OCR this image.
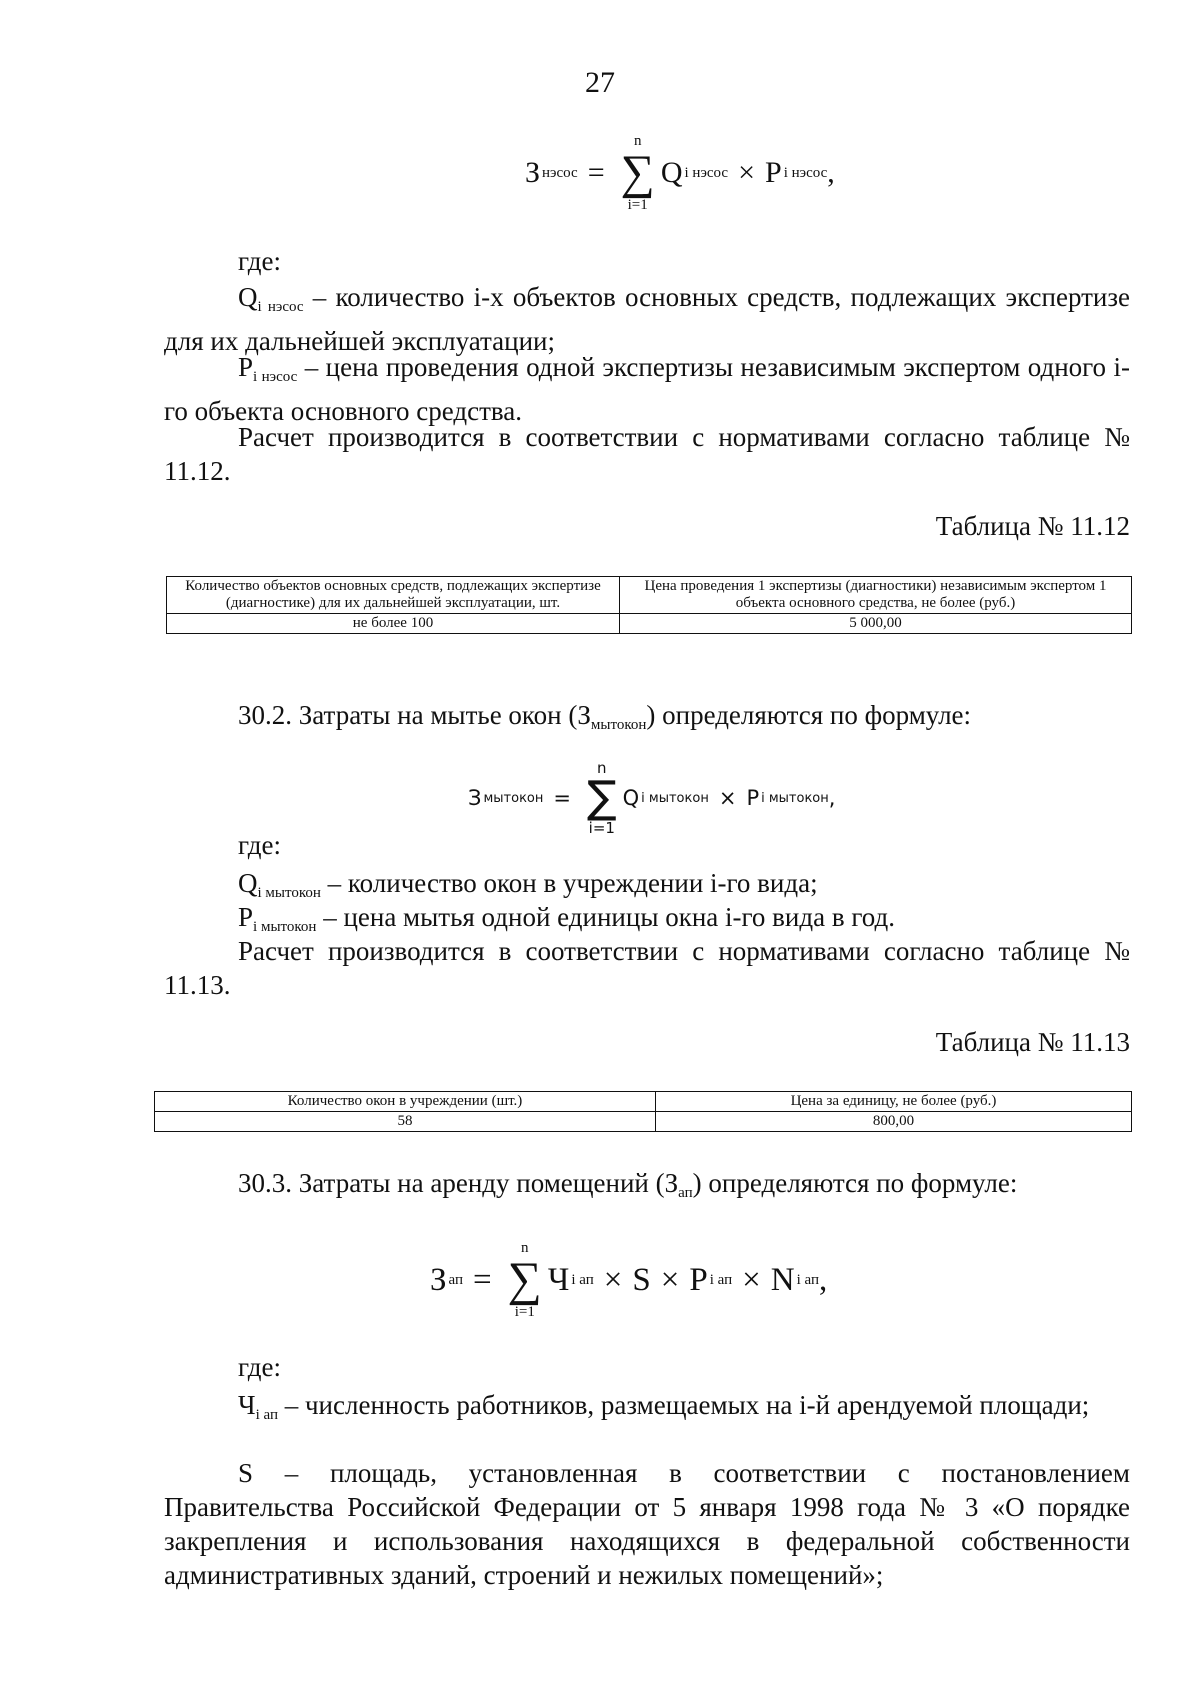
27
З нэсос =
n
∑
i=1
Q i нэсос × P i нэсос ,
где:
$Q_{i нэсос}$ – количество i-x объектов основных средств, подлежащих экспертизе для их дальнейшей эксплуатации;
$P_{i нэсос}$ – цена проведения одной экспертизы независимым экспертом одного i-го объекта основного средства.
Расчет производится в соответствии с нормативами согласно таблице № 11.12.
Таблица № 11.12
Количество объектов основных средств, подлежащих экспертизе (диагностике) для их дальнейшей эксплуатации, шт.	Цена проведения 1 экспертизы (диагностики) независимым экспертом 1 объекта основного средства, не более (руб.)
не более 100	5 000,00
30.2. Затраты на мытье окон $(З_{мытокон})$ определяются по формуле:
З мытокон =
n
∑
i=1
Q i мытокон × P i мытокон ,
где:
$Q_{i мытокон}$ – количество окон в учреждении i-го вида;
$P_{i мытокон}$ – цена мытья одной единицы окна i-го вида в год.
Расчет производится в соответствии с нормативами согласно таблице № 11.13.
Таблица № 11.13
Количество окон в учреждении (шт.)	Цена за единицу, не более (руб.)
58	800,00
30.3. Затраты на аренду помещений $(З_{ап})$ определяются по формуле:
З ап =
n
∑
i=1
Ч i ап × S × P i ап × N i ап ,
где:
$Ч_{i ап}$ – численность работников, размещаемых на i-й арендуемой площади;
S – площадь, установленная в соответствии с постановлением Правительства Российской Федерации от 5 января 1998 года № 3 «О порядке закрепления и использования находящихся в федеральной собственности административных зданий, строений и нежилых помещений»;
